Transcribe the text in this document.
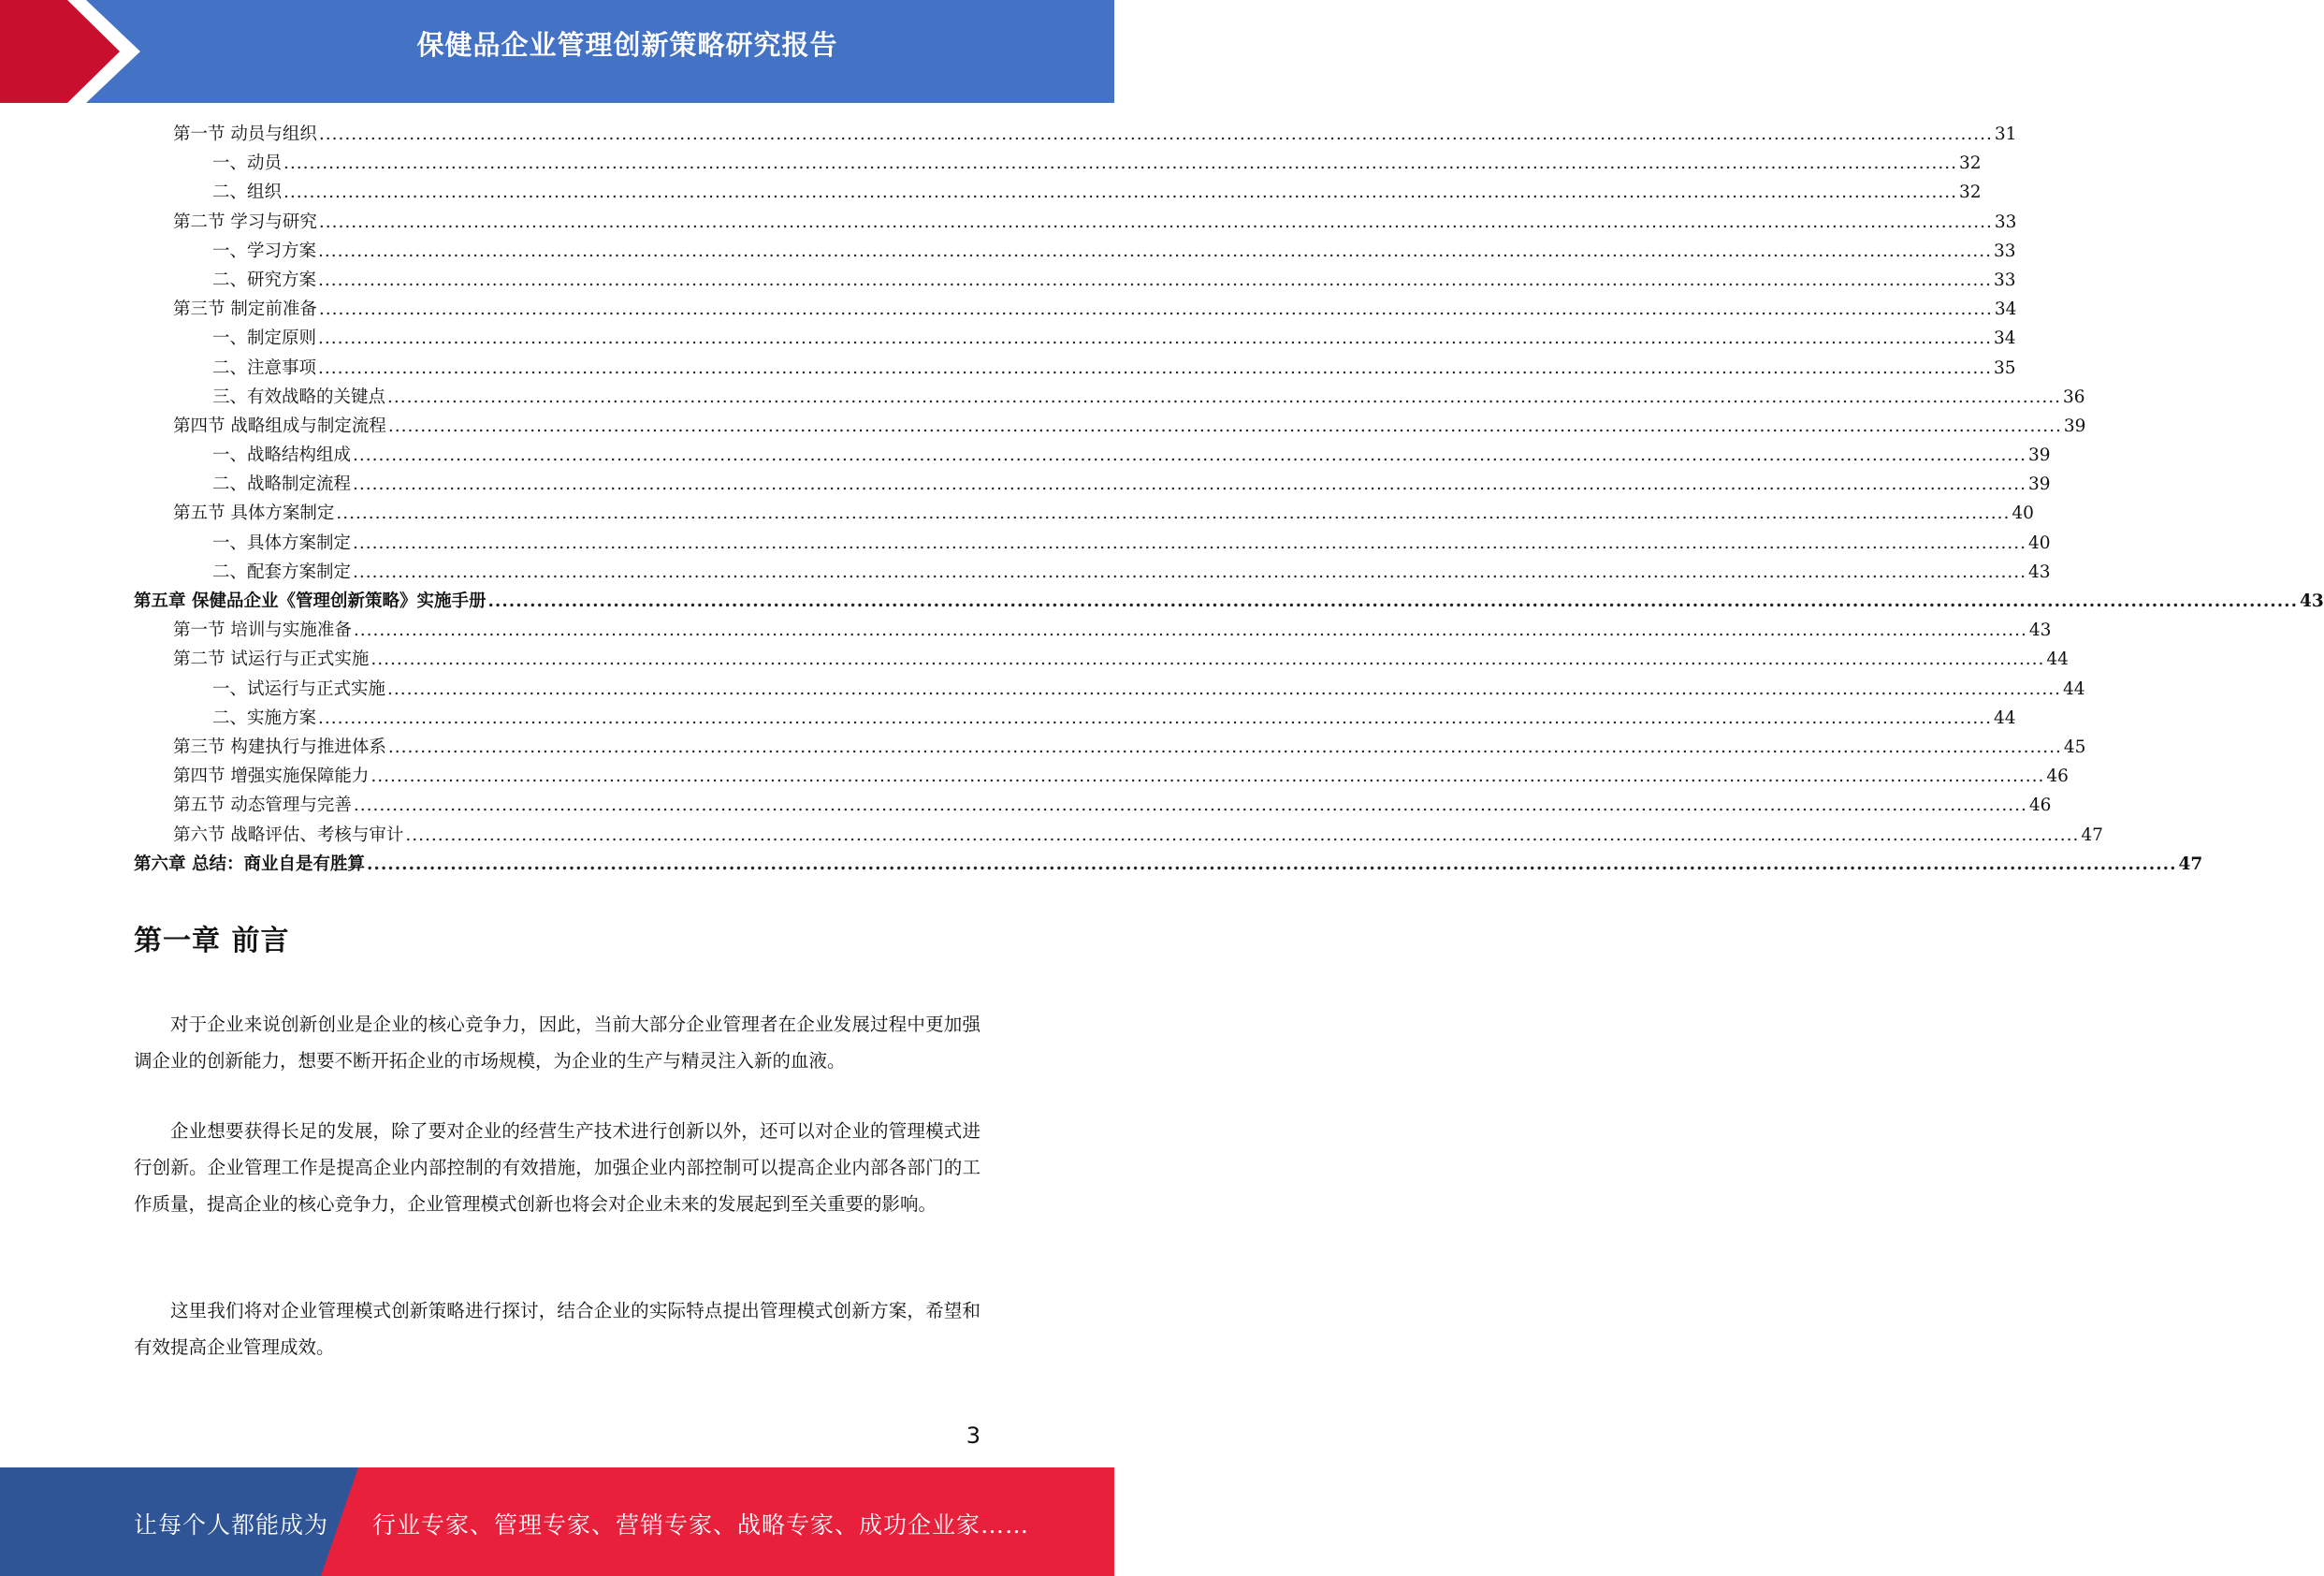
保健品企业管理创新策略研究报告
第一节 动员与组织 .................................................................................................................................................................................................................................................................... 31
一、动员 .................................................................................................................................................................................................................................................................... 32
二、组织 .................................................................................................................................................................................................................................................................... 32
第二节 学习与研究 .................................................................................................................................................................................................................................................................... 33
一、学习方案 .................................................................................................................................................................................................................................................................... 33
二、研究方案 .................................................................................................................................................................................................................................................................... 33
第三节 制定前准备 .................................................................................................................................................................................................................................................................... 34
一、制定原则 .................................................................................................................................................................................................................................................................... 34
二、注意事项 .................................................................................................................................................................................................................................................................... 35
三、有效战略的关键点 .................................................................................................................................................................................................................................................................... 36
第四节 战略组成与制定流程 .................................................................................................................................................................................................................................................................... 39
一、战略结构组成 .................................................................................................................................................................................................................................................................... 39
二、战略制定流程 .................................................................................................................................................................................................................................................................... 39
第五节 具体方案制定 .................................................................................................................................................................................................................................................................... 40
一、具体方案制定 .................................................................................................................................................................................................................................................................... 40
二、配套方案制定 .................................................................................................................................................................................................................................................................... 43
第五章 保健品企业《管理创新策略》实施手册 .................................................................................................................................................................................................................................................................... 43
第一节 培训与实施准备 .................................................................................................................................................................................................................................................................... 43
第二节 试运行与正式实施 .................................................................................................................................................................................................................................................................... 44
一、试运行与正式实施 .................................................................................................................................................................................................................................................................... 44
二、实施方案 .................................................................................................................................................................................................................................................................... 44
第三节 构建执行与推进体系 .................................................................................................................................................................................................................................................................... 45
第四节 增强实施保障能力 .................................................................................................................................................................................................................................................................... 46
第五节 动态管理与完善 .................................................................................................................................................................................................................................................................... 46
第六节 战略评估、考核与审计 .................................................................................................................................................................................................................................................................... 47
第六章 总结：商业自是有胜算 .................................................................................................................................................................................................................................................................... 47
第一章 前言

对于企业来说创新创业是企业的核心竞争力，因此，当前大部分企业管理者在企业发展过程中更加强调企业的创新能力，想要不断开拓企业的市场规模，为企业的生产与精灵注入新的血液。

企业想要获得长足的发展，除了要对企业的经营生产技术进行创新以外，还可以对企业的管理模式进行创新。企业管理工作是提高企业内部控制的有效措施，加强企业内部控制可以提高企业内部各部门的工作质量，提高企业的核心竞争力，企业管理模式创新也将会对企业未来的发展起到至关重要的影响。

这里我们将对企业管理模式创新策略进行探讨，结合企业的实际特点提出管理模式创新方案，希望和有效提高企业管理成效。

3
让每个人都能成为 行业专家、管理专家、营销专家、战略专家、成功企业家……
